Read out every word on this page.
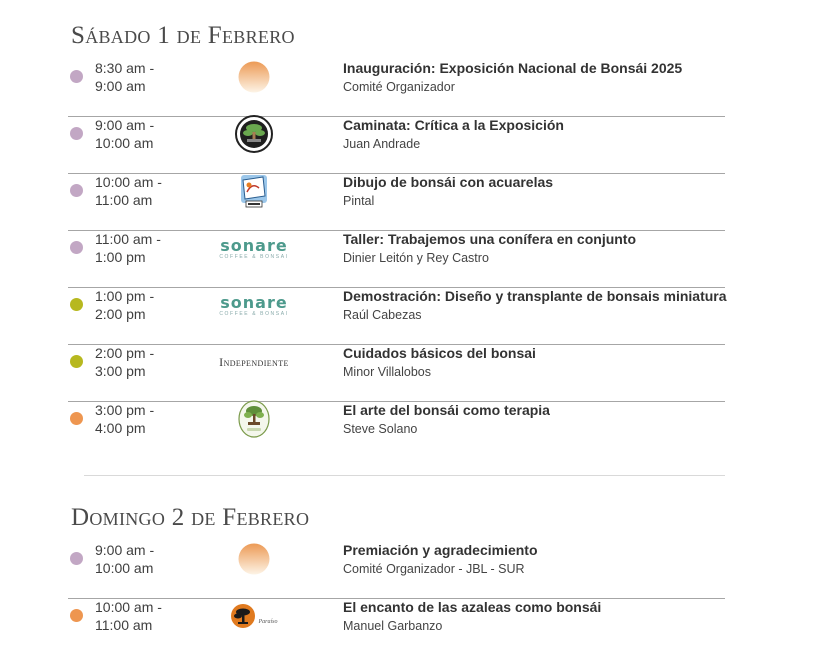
Sábado 1 de Febrero
8:30 am -
9:00 am
Inauguración: Exposición Nacional de Bonsái 2025
Comité Organizador
9:00 am -
10:00 am
Caminata: Crítica a la Exposición
Juan Andrade
10:00 am -
11:00 am
Dibujo de bonsái con acuarelas
Pintal
11:00 am -
1:00 pm
sonare
COFFEE & BONSAI
Taller: Trabajemos una conífera en conjunto
Dinier Leitón y Rey Castro
1:00 pm -
2:00 pm
sonare
COFFEE & BONSAI
Demostración: Diseño y transplante de bonsais miniatura
Raúl Cabezas
2:00 pm -
3:00 pm
Independiente
Cuidados básicos del bonsai
Minor Villalobos
3:00 pm -
4:00 pm
El arte del bonsái como terapia
Steve Solano
Domingo 2 de Febrero
9:00 am -
10:00 am
Premiación y agradecimiento
Comité Organizador - JBL - SUR
10:00 am -
11:00 am	Paraíso
El encanto de las azaleas como bonsái
Manuel Garbanzo
